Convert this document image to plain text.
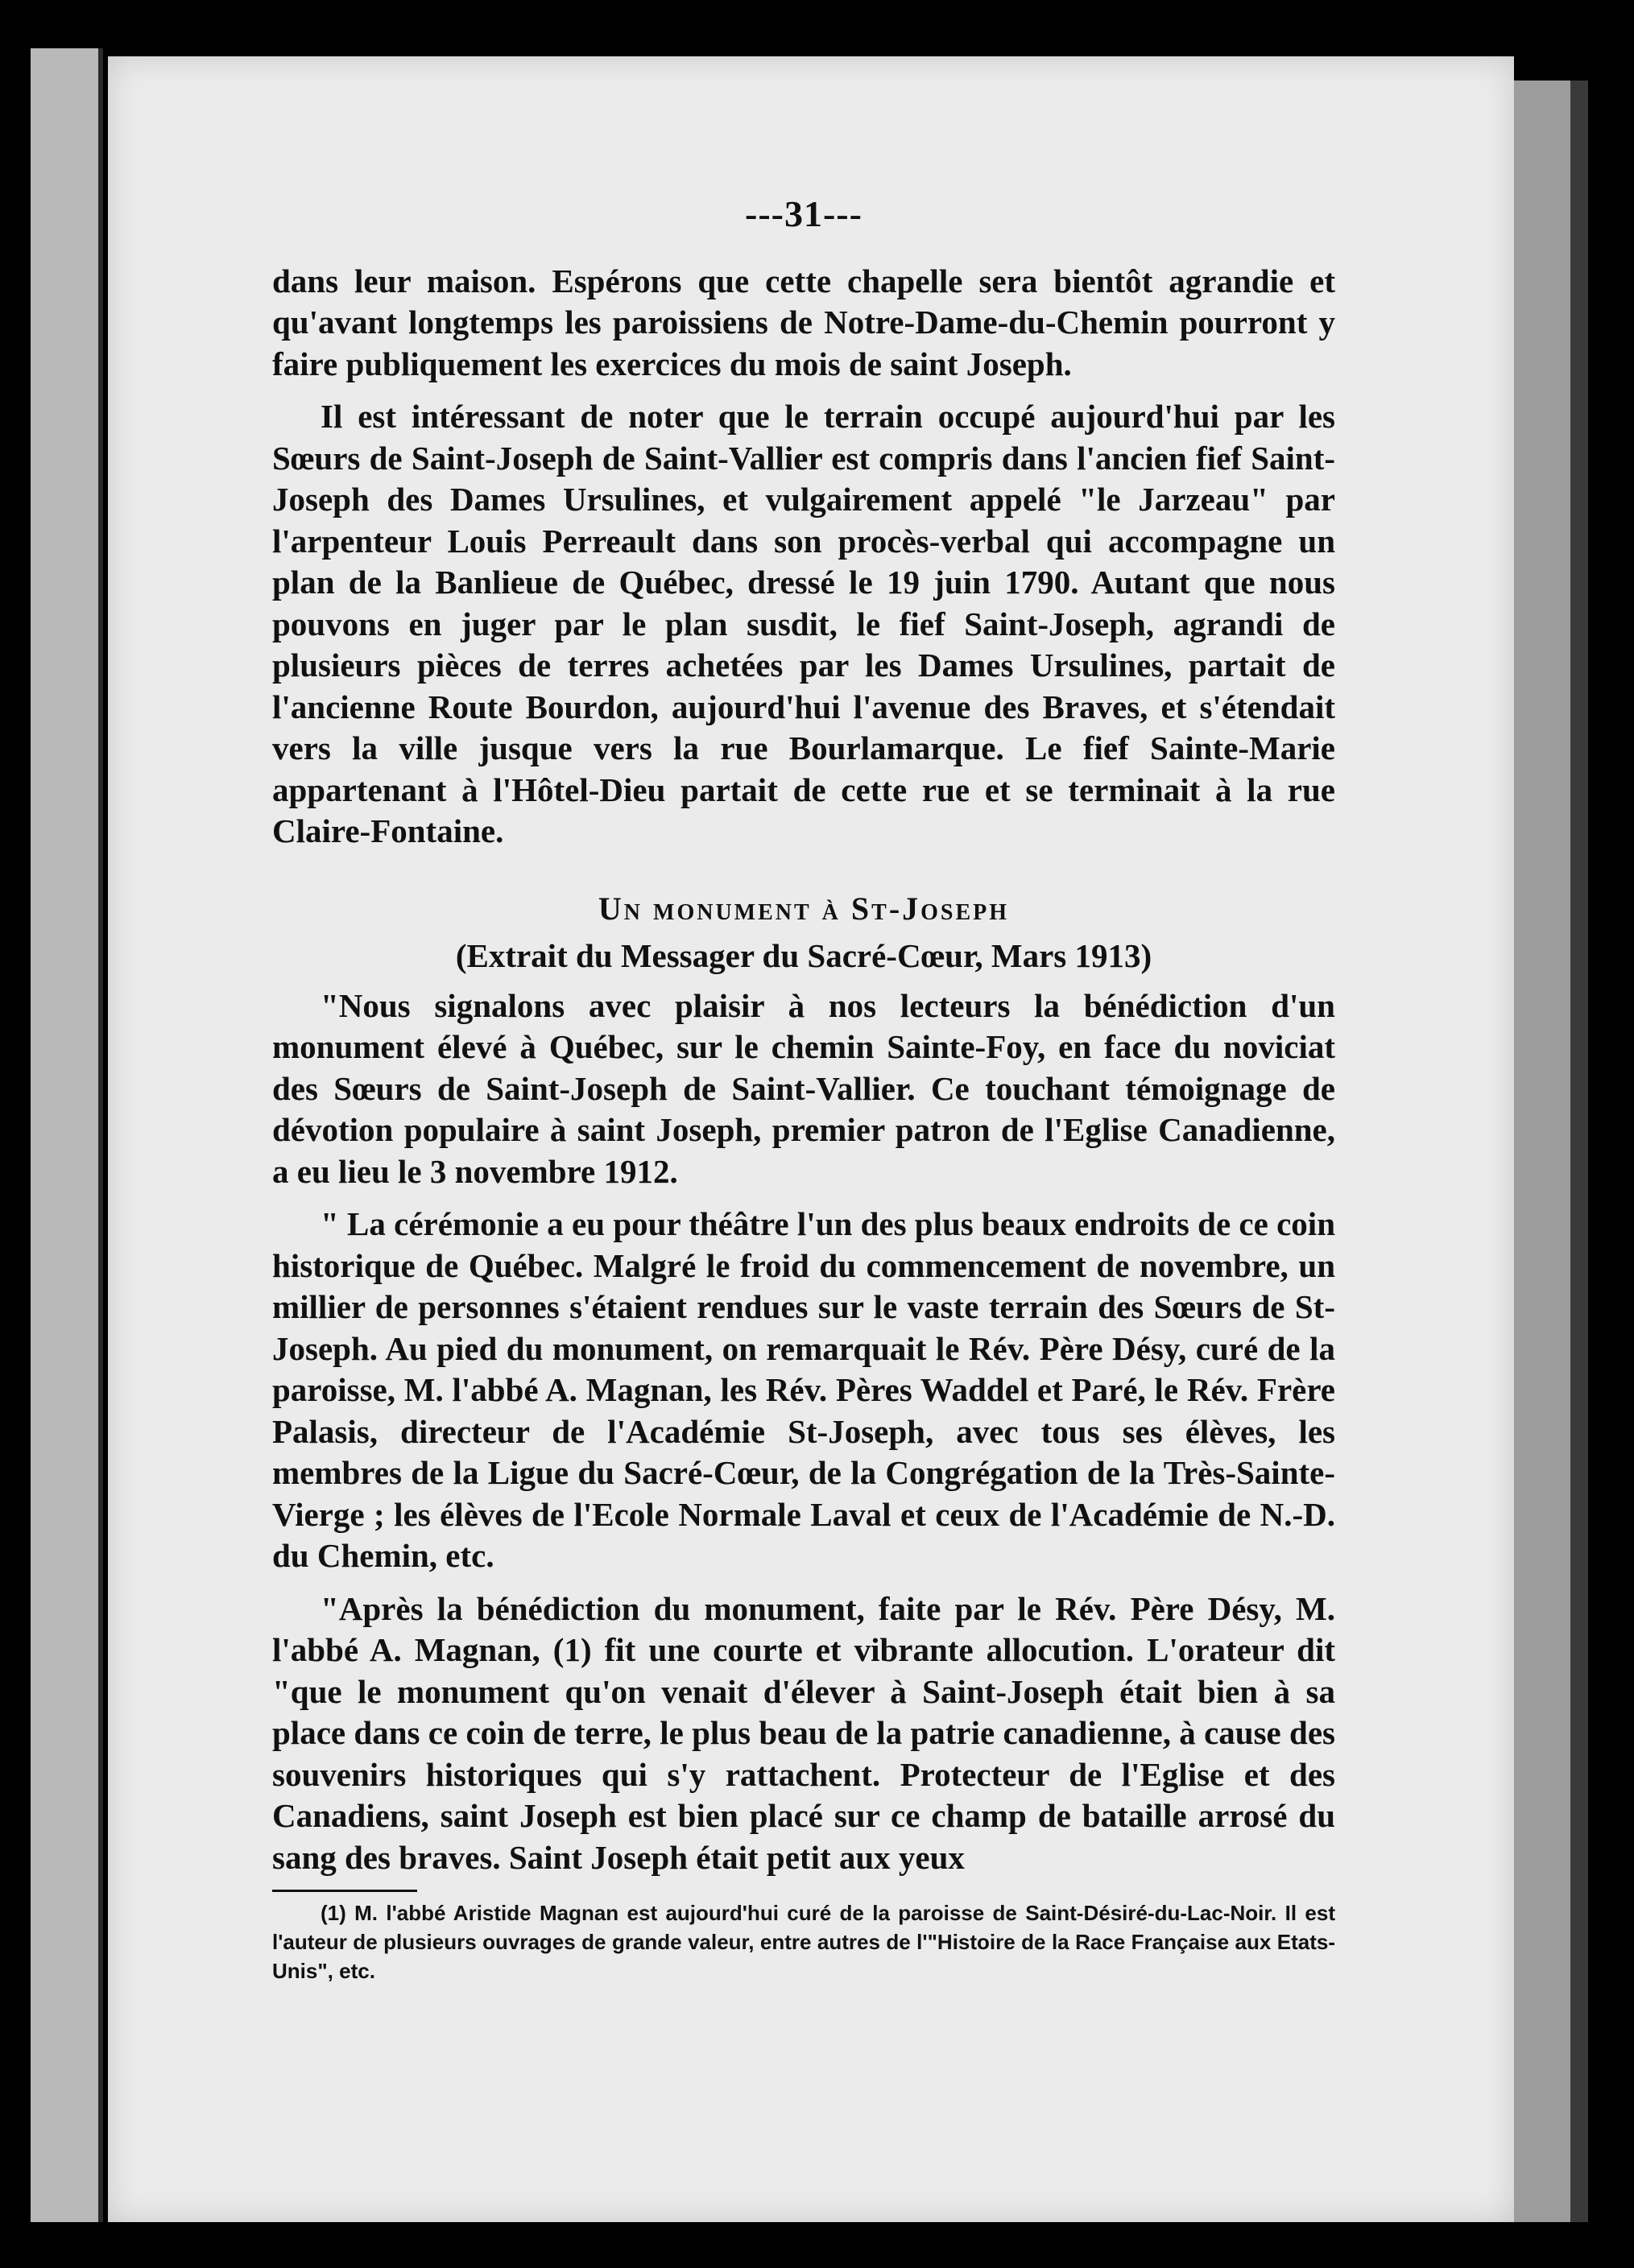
---31---

dans leur maison. Espérons que cette chapelle sera bientôt agrandie et qu'avant longtemps les paroissiens de Notre-Dame-du-Chemin pourront y faire publiquement les exercices du mois de saint Joseph.

Il est intéressant de noter que le terrain occupé aujourd'hui par les Sœurs de Saint-Joseph de Saint-Vallier est compris dans l'ancien fief Saint-Joseph des Dames Ursulines, et vulgairement appelé "le Jarzeau" par l'arpenteur Louis Perreault dans son procès-verbal qui accompagne un plan de la Banlieue de Québec, dressé le 19 juin 1790. Autant que nous pouvons en juger par le plan susdit, le fief Saint-Joseph, agrandi de plusieurs pièces de terres achetées par les Dames Ursulines, partait de l'ancienne Route Bourdon, aujourd'hui l'avenue des Braves, et s'étendait vers la ville jusque vers la rue Bourlamarque. Le fief Sainte-Marie appartenant à l'Hôtel-Dieu partait de cette rue et se terminait à la rue Claire-Fontaine.

Un monument à St-Joseph
(Extrait du Messager du Sacré-Cœur, Mars 1913)

"Nous signalons avec plaisir à nos lecteurs la bénédiction d'un monument élevé à Québec, sur le chemin Sainte-Foy, en face du noviciat des Sœurs de Saint-Joseph de Saint-Vallier. Ce touchant témoignage de dévotion populaire à saint Joseph, premier patron de l'Eglise Canadienne, a eu lieu le 3 novembre 1912.

" La cérémonie a eu pour théâtre l'un des plus beaux endroits de ce coin historique de Québec. Malgré le froid du commencement de novembre, un millier de personnes s'étaient rendues sur le vaste terrain des Sœurs de St-Joseph. Au pied du monument, on remarquait le Rév. Père Désy, curé de la paroisse, M. l'abbé A. Magnan, les Rév. Pères Waddel et Paré, le Rév. Frère Palasis, directeur de l'Académie St-Joseph, avec tous ses élèves, les membres de la Ligue du Sacré-Cœur, de la Congrégation de la Très-Sainte-Vierge ; les élèves de l'Ecole Normale Laval et ceux de l'Académie de N.-D. du Chemin, etc.

"Après la bénédiction du monument, faite par le Rév. Père Désy, M. l'abbé A. Magnan, (1) fit une courte et vibrante allocution. L'orateur dit "que le monument qu'on venait d'élever à Saint-Joseph était bien à sa place dans ce coin de terre, le plus beau de la patrie canadienne, à cause des souvenirs historiques qui s'y rattachent. Protecteur de l'Eglise et des Canadiens, saint Joseph est bien placé sur ce champ de bataille arrosé du sang des braves. Saint Joseph était petit aux yeux

(1) M. l'abbé Aristide Magnan est aujourd'hui curé de la paroisse de Saint-Désiré-du-Lac-Noir. Il est l'auteur de plusieurs ouvrages de grande valeur, entre autres de l'"Histoire de la Race Française aux Etats-Unis", etc.
